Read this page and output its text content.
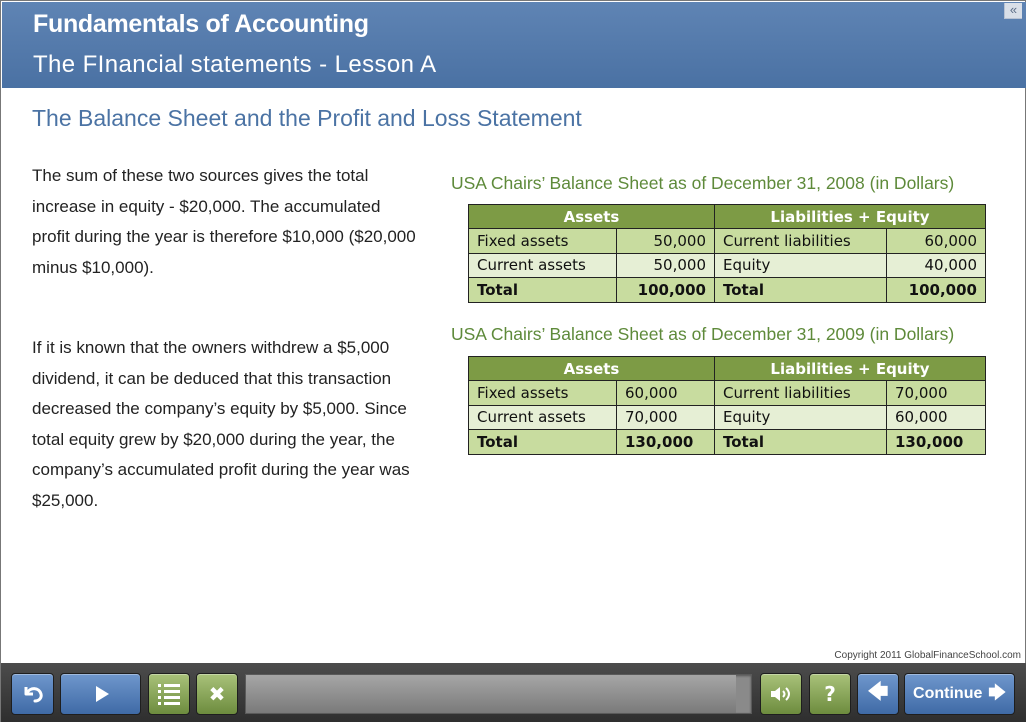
Fundamentals of Accounting
The FInancial statements - Lesson A
«
The Balance Sheet and the Profit and Loss Statement

The sum of these two sources gives the total increase in equity - $20,000. The accumulated profit during the year is therefore $10,000 ($20,000 minus $10,000).

If it is known that the owners withdrew a $5,000 dividend, it can be deduced that this transaction decreased the company’s equity by $5,000. Since total equity grew by $20,000 during the year, the company’s accumulated profit during the year was $25,000.

USA Chairs’ Balance Sheet as of December 31, 2008 (in Dollars)
Assets		Liabilities + Equity	
Fixed assets	50,000	Current liabilities	60,000
Current assets	50,000	Equity	40,000
Total	100,000	Total	100,000
USA Chairs’ Balance Sheet as of December 31, 2009 (in Dollars)
Assets		Liabilities + Equity	
Fixed assets	60,000	Current liabilities	70,000
Current assets	70,000	Equity	60,000
Total	130,000	Total	130,000
Copyright 2011 GlobalFinanceSchool.com
✖	? 🡄 Continue 🡆
